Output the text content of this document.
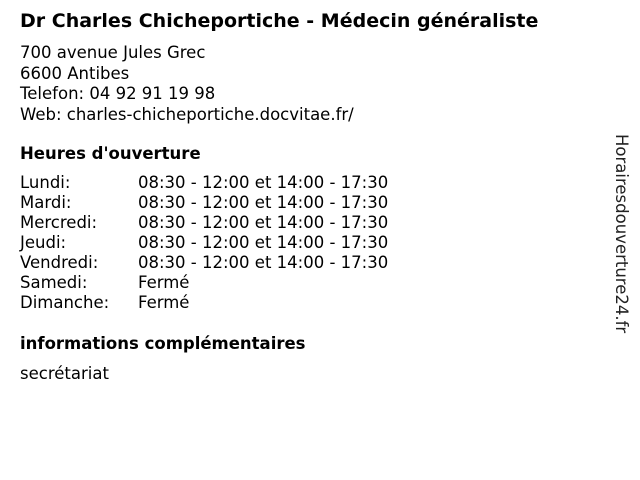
Dr Charles Chicheportiche - Médecin généraliste
700 avenue Jules Grec
6600 Antibes
Telefon: 04 92 91 19 98
Web: charles-chicheportiche.docvitae.fr/
Heures d'ouverture
Lundi:	08:30 - 12:00 et 14:00 - 17:30
Mardi:	08:30 - 12:00 et 14:00 - 17:30
Mercredi: 08:30 - 12:00 et 14:00 - 17:30
Jeudi:	08:30 - 12:00 et 14:00 - 17:30
Vendredi: 08:30 - 12:00 et 14:00 - 17:30
Samedi:	Fermé
Dimanche: Fermé
informations complémentaires
secrétariat
Horairesdouverture24.fr
